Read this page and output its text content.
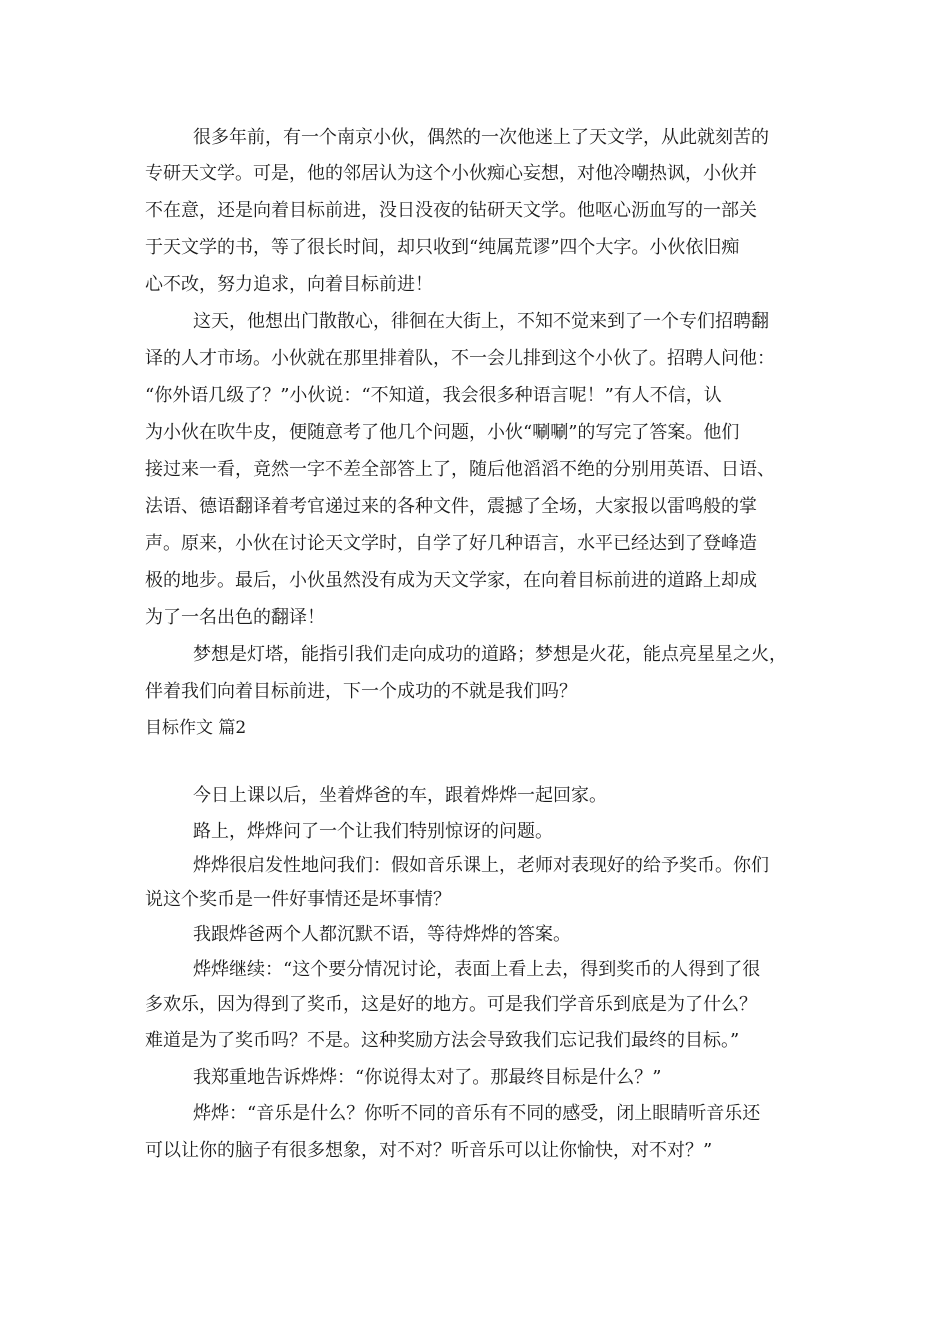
很多年前，有一个南京小伙，偶然的一次他迷上了天文学，从此就刻苦的
专研天文学。可是，他的邻居认为这个小伙痴心妄想，对他冷嘲热讽，小伙并
不在意，还是向着目标前进，没日没夜的钻研天文学。他呕心沥血写的一部关
于天文学的书，等了很长时间，却只收到“纯属荒谬”四个大字。小伙依旧痴
心不改，努力追求，向着目标前进！
这天，他想出门散散心，徘徊在大街上，不知不觉来到了一个专们招聘翻
译的人才市场。小伙就在那里排着队，不一会儿排到这个小伙了。招聘人问他：
“你外语几级了？”小伙说：“不知道，我会很多种语言呢！”有人不信，认
为小伙在吹牛皮，便随意考了他几个问题，小伙“唰唰”的写完了答案。他们
接过来一看，竟然一字不差全部答上了，随后他滔滔不绝的分别用英语、日语、
法语、德语翻译着考官递过来的各种文件，震撼了全场，大家报以雷鸣般的掌
声。原来，小伙在讨论天文学时，自学了好几种语言，水平已经达到了登峰造
极的地步。最后，小伙虽然没有成为天文学家，在向着目标前进的道路上却成
为了一名出色的翻译！
梦想是灯塔，能指引我们走向成功的道路；梦想是火花，能点亮星星之火，
伴着我们向着目标前进，下一个成功的不就是我们吗？
目标作文 篇2
今日上课以后，坐着烨爸的车，跟着烨烨一起回家。
路上，烨烨问了一个让我们特别惊讶的问题。
烨烨很启发性地问我们：假如音乐课上，老师对表现好的给予奖币。你们
说这个奖币是一件好事情还是坏事情？
我跟烨爸两个人都沉默不语，等待烨烨的答案。
烨烨继续：“这个要分情况讨论，表面上看上去，得到奖币的人得到了很
多欢乐，因为得到了奖币，这是好的地方。可是我们学音乐到底是为了什么？
难道是为了奖币吗？不是。这种奖励方法会导致我们忘记我们最终的目标。”
我郑重地告诉烨烨：“你说得太对了。那最终目标是什么？”
烨烨：“音乐是什么？你听不同的音乐有不同的感受，闭上眼睛听音乐还
可以让你的脑子有很多想象，对不对？听音乐可以让你愉快，对不对？”
